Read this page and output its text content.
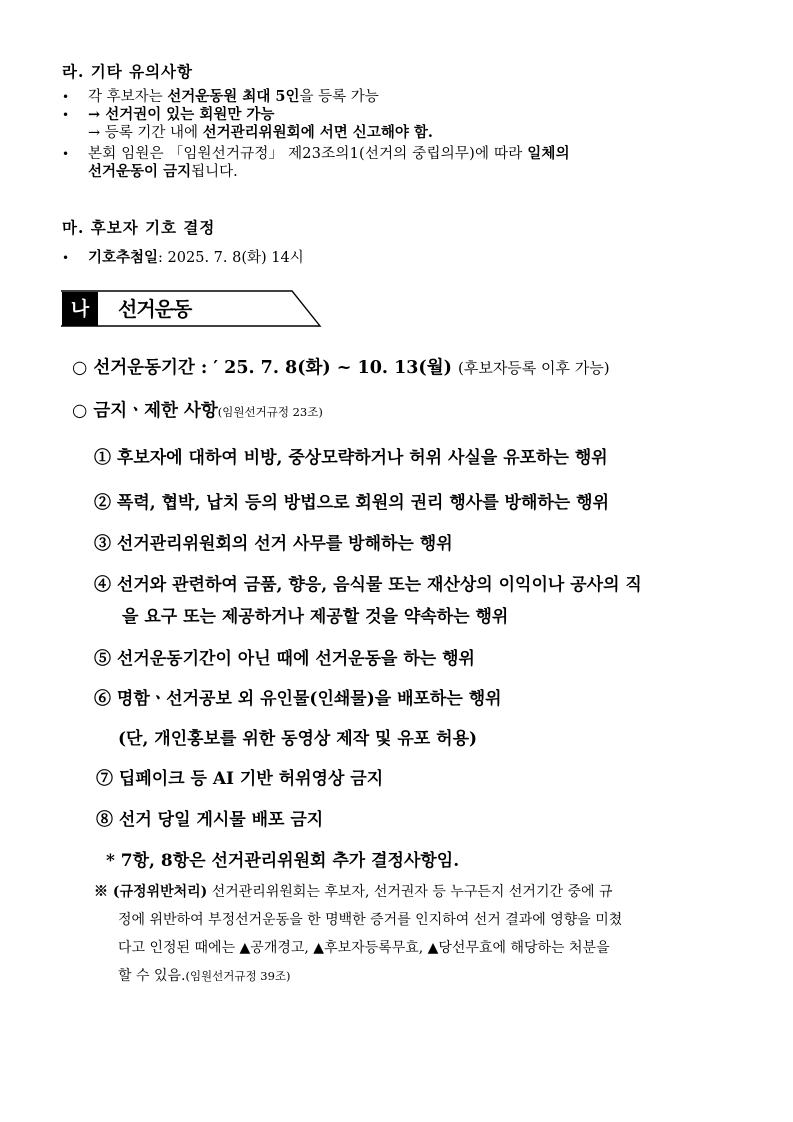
라. 기타 유의사항
• 각 후보자는 선거운동원 최대 5인을 등록 가능
• → 선거권이 있는 회원만 가능
→ 등록 기간 내에 선거관리위원회에 서면 신고해야 함.
• 본회 임원은 「임원선거규정」 제23조의1(선거의 중립의무)에 따라 일체의
선거운동이 금지됩니다.
마. 후보자 기호 결정
• 기호추첨일: 2025. 7. 8(화) 14시
나	선거운동
○ 선거운동기간 : ′ 25. 7. 8(화) ~ 10. 13(월) (후보자등록 이후 가능)
○ 금지ㆍ제한 사항(임원선거규정 23조)
① 후보자에 대하여 비방, 중상모략하거나 허위 사실을 유포하는 행위
② 폭력, 협박, 납치 등의 방법으로 회원의 권리 행사를 방해하는 행위
③ 선거관리위원회의 선거 사무를 방해하는 행위
④ 선거와 관련하여 금품, 향응, 음식물 또는 재산상의 이익이나 공사의 직
을 요구 또는 제공하거나 제공할 것을 약속하는 행위
⑤ 선거운동기간이 아닌 때에 선거운동을 하는 행위
⑥ 명함ㆍ선거공보 외 유인물(인쇄물)을 배포하는 행위
(단, 개인홍보를 위한 동영상 제작 및 유포 허용)
⑦ 딥페이크 등 AI 기반 허위영상 금지
⑧ 선거 당일 게시물 배포 금지
* 7항, 8항은 선거관리위원회 추가 결정사항임.
※ (규정위반처리) 선거관리위원회는 후보자, 선거권자 등 누구든지 선거기간 중에 규
정에 위반하여 부정선거운동을 한 명백한 증거를 인지하여 선거 결과에 영향을 미쳤
다고 인정된 때에는 ▲공개경고, ▲후보자등록무효, ▲당선무효에 해당하는 처분을
할 수 있음.(임원선거규정 39조)
